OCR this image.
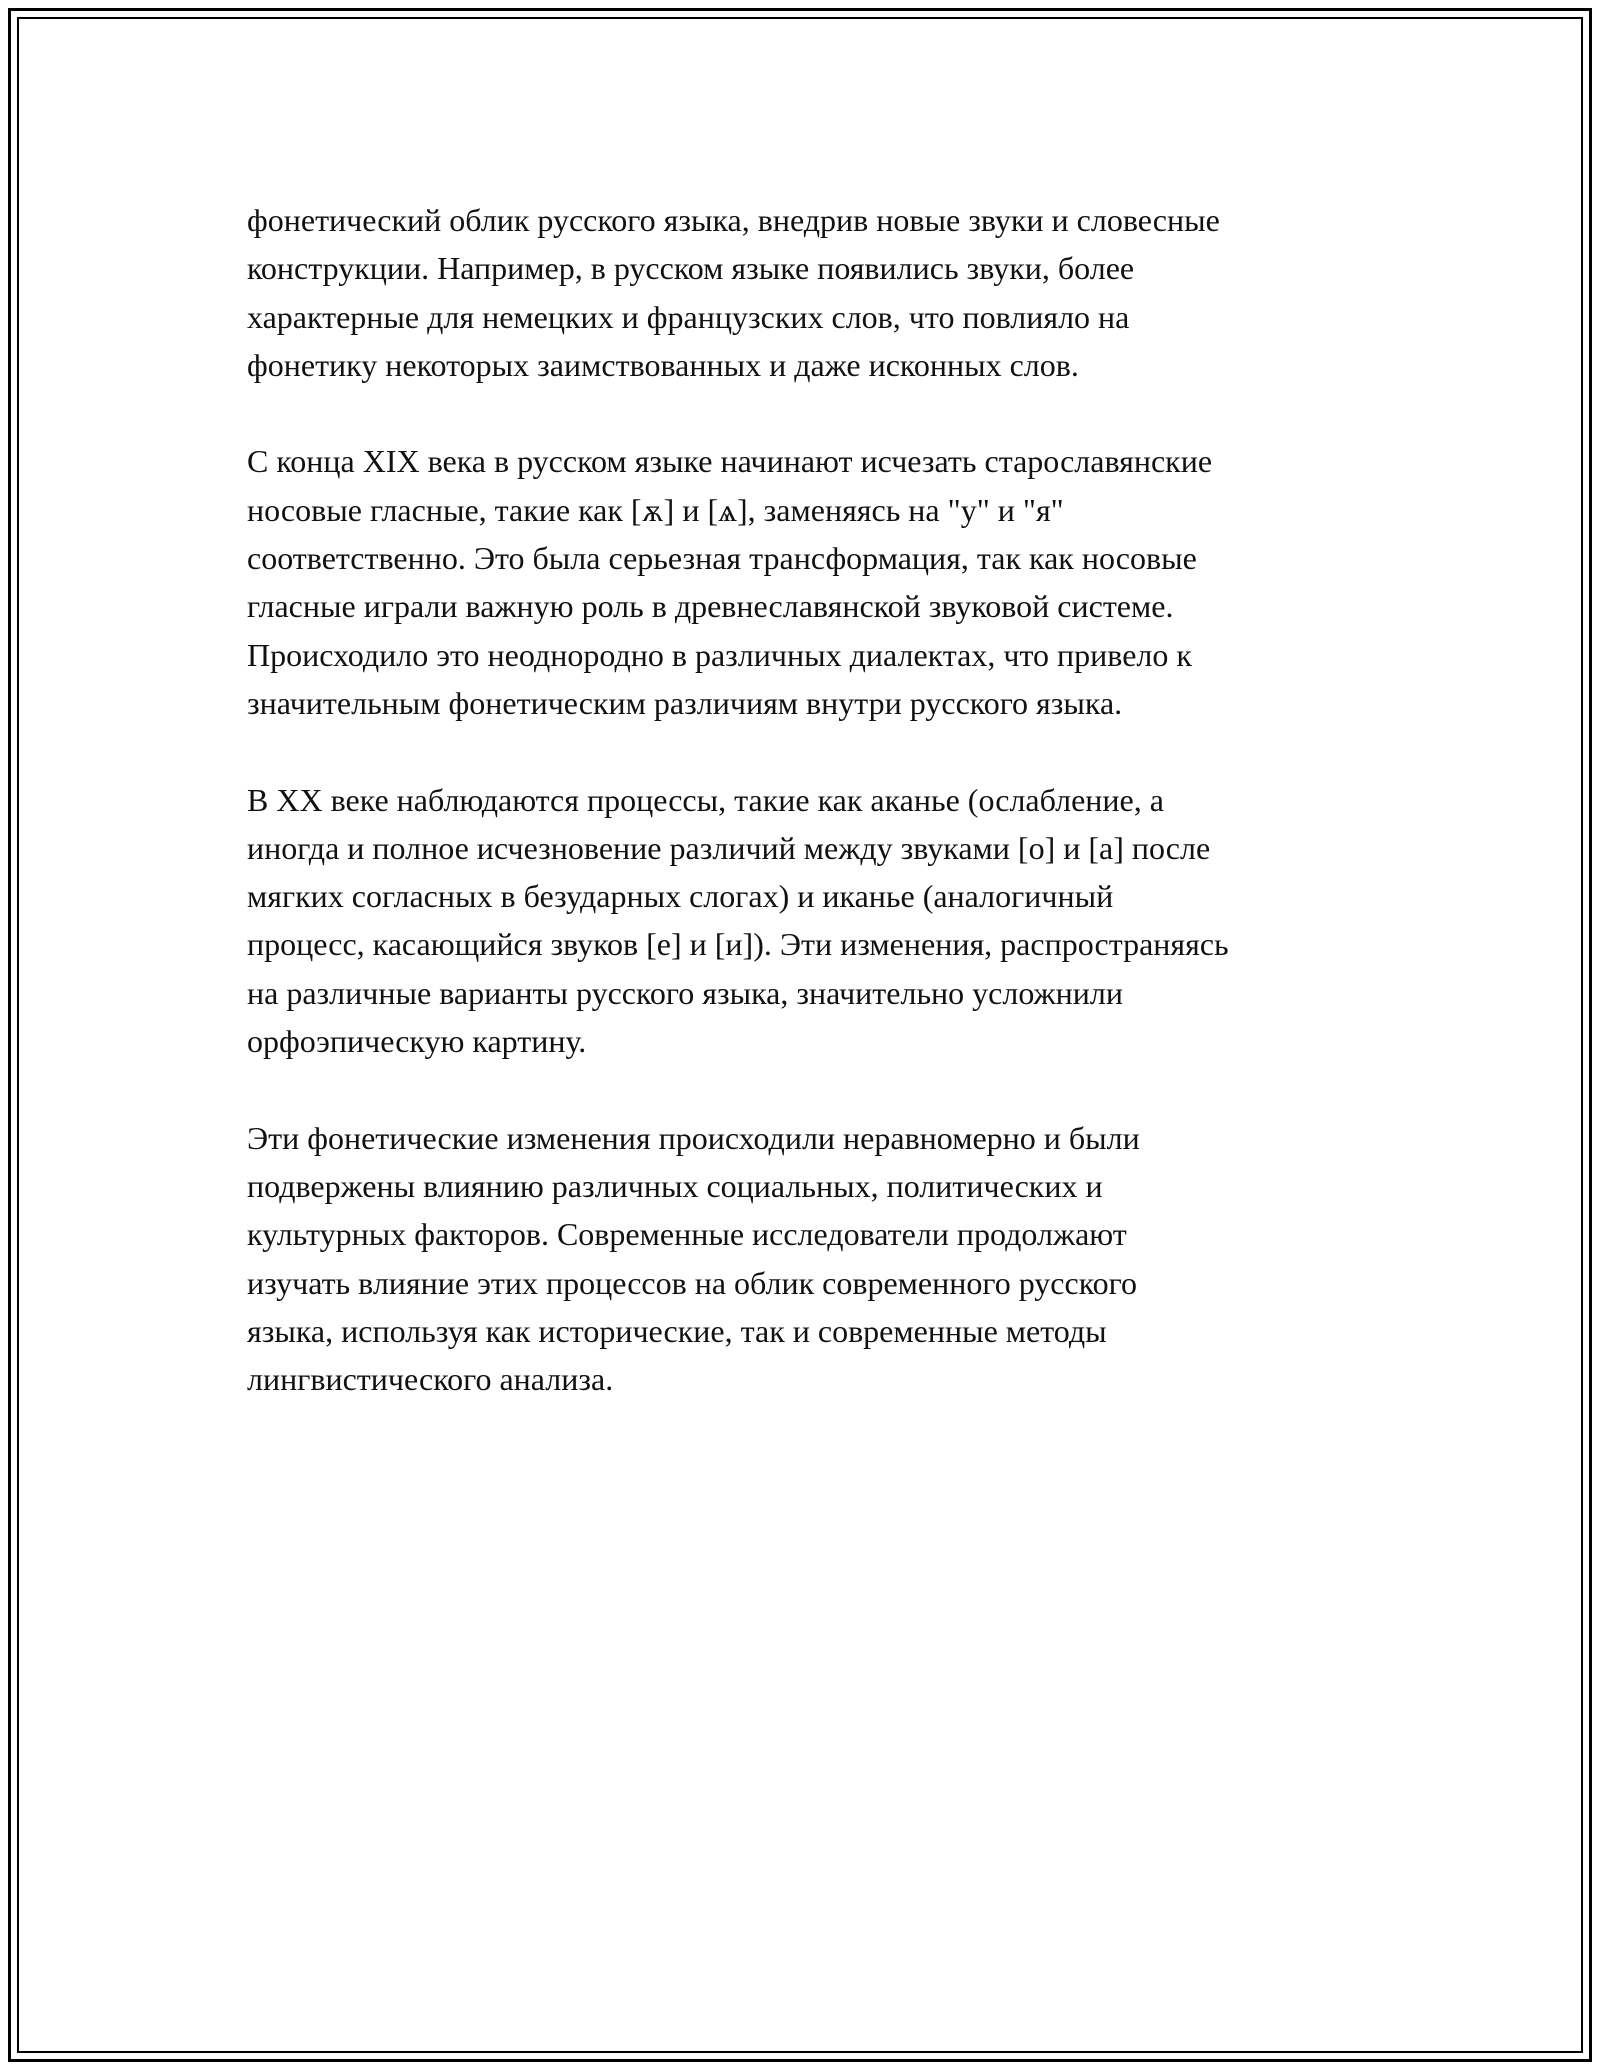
фонетический облик русского языка, внедрив новые звуки и словесные
конструкции. Например, в русском языке появились звуки, более
характерные для немецких и французских слов, что повлияло на
фонетику некоторых заимствованных и даже исконных слов.

С конца XIX века в русском языке начинают исчезать старославянские
носовые гласные, такие как [ѫ] и [ѧ], заменяясь на "у" и "я"
соответственно. Это была серьезная трансформация, так как носовые
гласные играли важную роль в древнеславянской звуковой системе.
Происходило это неоднородно в различных диалектах, что привело к
значительным фонетическим различиям внутри русского языка.

В XX веке наблюдаются процессы, такие как аканье (ослабление, а
иногда и полное исчезновение различий между звуками [о] и [а] после
мягких согласных в безударных слогах) и иканье (аналогичный
процесс, касающийся звуков [е] и [и]). Эти изменения, распространяясь
на различные варианты русского языка, значительно усложнили
орфоэпическую картину.

Эти фонетические изменения происходили неравномерно и были
подвержены влиянию различных социальных, политических и
культурных факторов. Современные исследователи продолжают
изучать влияние этих процессов на облик современного русского
языка, используя как исторические, так и современные методы
лингвистического анализа.
